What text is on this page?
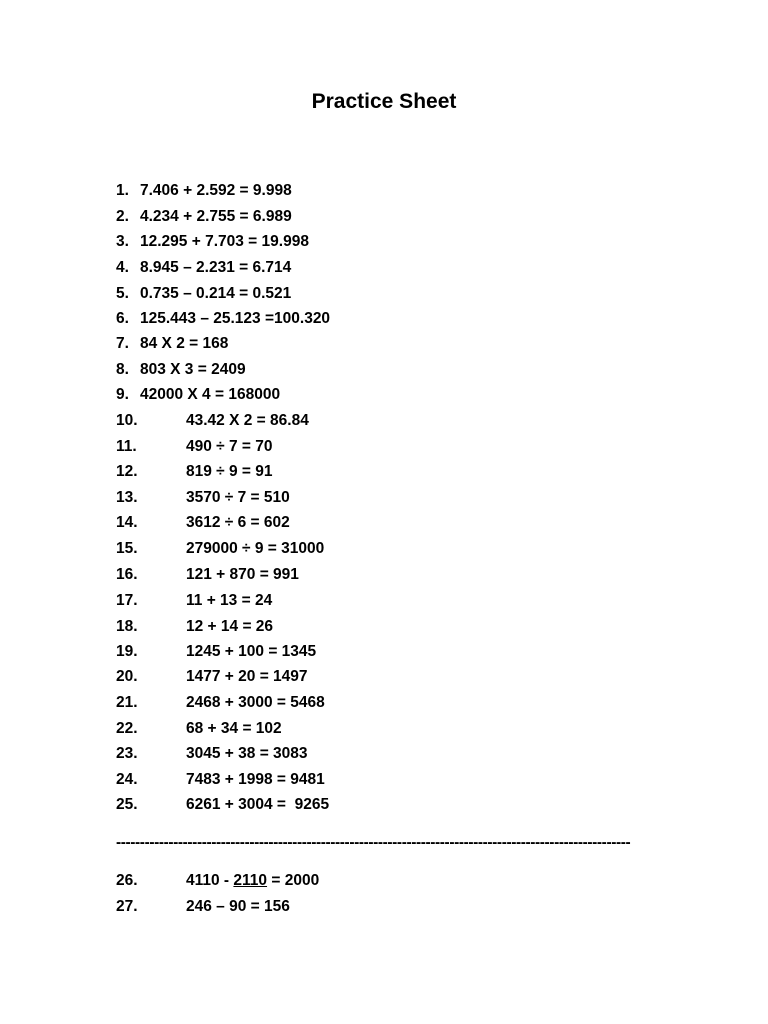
Practice Sheet
1. 7.406 + 2.592 = 9.998
2. 4.234 + 2.755 = 6.989
3. 12.295 + 7.703 = 19.998
4. 8.945 – 2.231 = 6.714
5. 0.735 – 0.214 = 0.521
6. 125.443 – 25.123 =100.320
7. 84 X 2 = 168
8. 803 X 3 = 2409
9. 42000 X 4 = 168000
10.	43.42 X 2 = 86.84
11.	490 ÷ 7 = 70
12.	819 ÷ 9 = 91
13.	3570 ÷ 7 = 510
14.	3612 ÷ 6 = 602
15.	279000 ÷ 9 = 31000
16.	121 + 870 = 991
17.	11 + 13 = 24
18.	12 + 14 = 26
19.	1245 + 100 = 1345
20.	1477 + 20 = 1497
21.	2468 + 3000 = 5468
22.	68 + 34 = 102
23.	3045 + 38 = 3083
24.	7483 + 1998 = 9481
25.	6261 + 3004 =  9265
------------------------------------------------------------------------------------------------------------
26.	4110 - 2110 = 2000
27.	246 – 90 = 156
